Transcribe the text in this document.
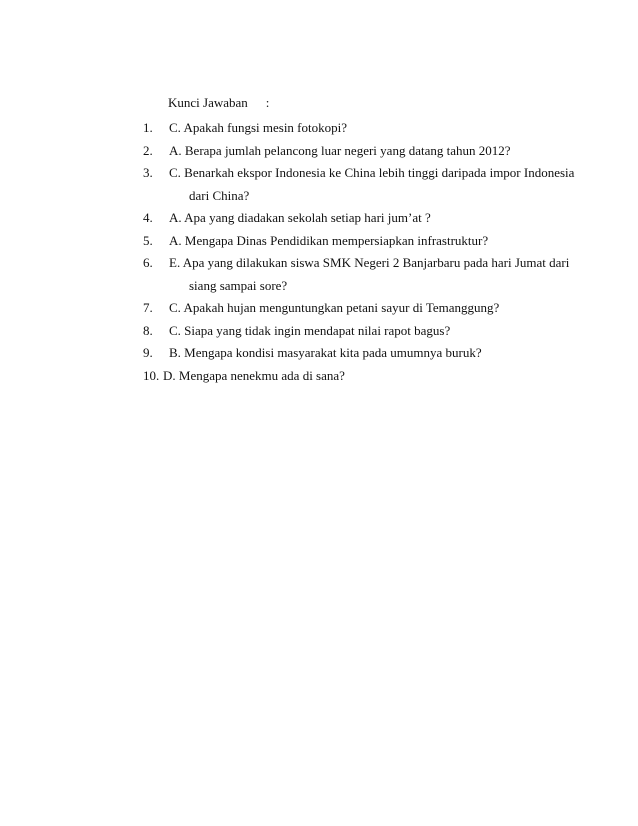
Kunci Jawaban :
1. C. Apakah fungsi mesin fotokopi?
2. A. Berapa jumlah pelancong luar negeri yang datang tahun 2012?
3. C. Benarkah ekspor Indonesia ke China lebih tinggi daripada impor Indonesia
dari China?
4. A. Apa yang diadakan sekolah setiap hari jum’at ?
5. A. Mengapa Dinas Pendidikan mempersiapkan infrastruktur?
6. E. Apa yang dilakukan siswa SMK Negeri 2 Banjarbaru pada hari Jumat dari
siang sampai sore?
7. C. Apakah hujan menguntungkan petani sayur di Temanggung?
8. C. Siapa yang tidak ingin mendapat nilai rapot bagus?
9. B. Mengapa kondisi masyarakat kita pada umumnya buruk?
10. D. Mengapa nenekmu ada di sana?
